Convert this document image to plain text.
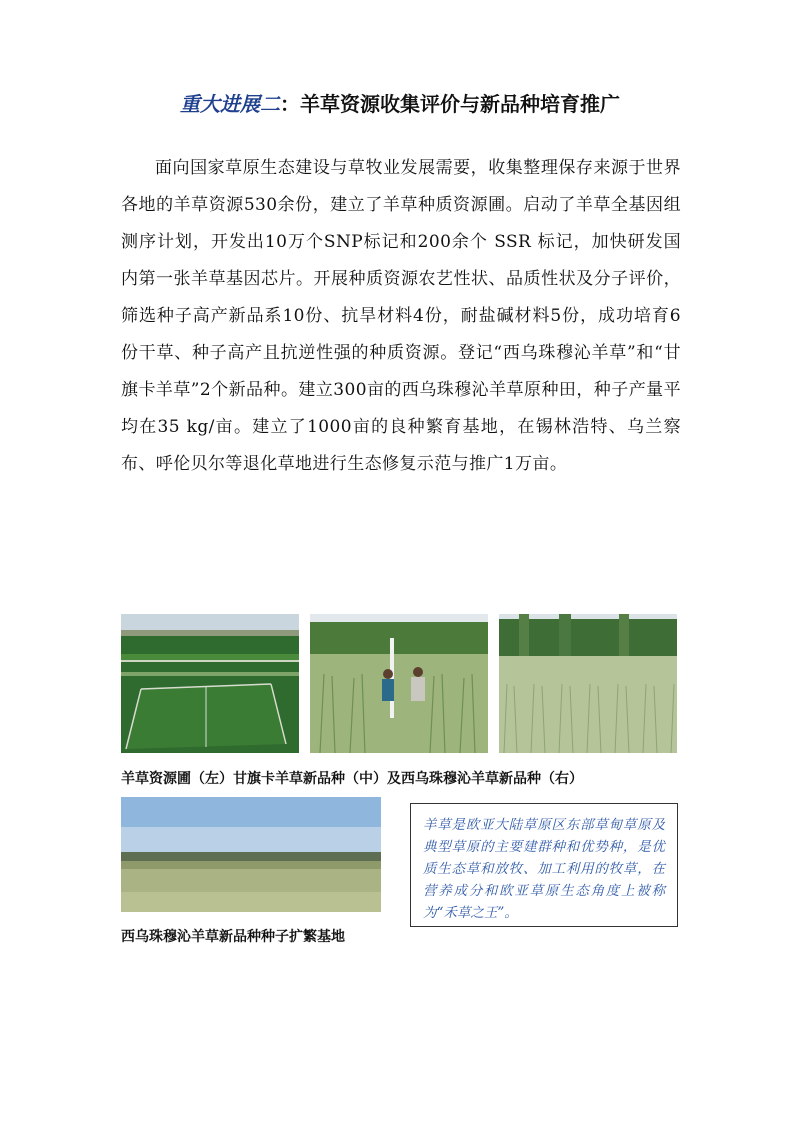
重大进展二：羊草资源收集评价与新品种培育推广
面向国家草原生态建设与草牧业发展需要，收集整理保存来源于世界各地的羊草资源530余份，建立了羊草种质资源圃。启动了羊草全基因组测序计划，开发出10万个SNP标记和200余个 SSR 标记，加快研发国内第一张羊草基因芯片。开展种质资源农艺性状、品质性状及分子评价，筛选种子高产新品系10份、抗旱材料4份，耐盐碱材料5份，成功培育6份干草、种子高产且抗逆性强的种质资源。登记“西乌珠穆沁羊草”和“甘旗卡羊草”2个新品种。建立300亩的西乌珠穆沁羊草原种田，种子产量平均在35 kg/亩。建立了1000亩的良种繁育基地，在锡林浩特、乌兰察布、呼伦贝尔等退化草地进行生态修复示范与推广1万亩。
羊草资源圃（左）甘旗卡羊草新品种（中）及西乌珠穆沁羊草新品种（右）
西乌珠穆沁羊草新品种种子扩繁基地
羊草是欧亚大陆草原区东部草甸草原及典型草原的主要建群种和优势种，是优质生态草和放牧、加工利用的牧草，在营养成分和欧亚草原生态角度上被称为“禾草之王”。
